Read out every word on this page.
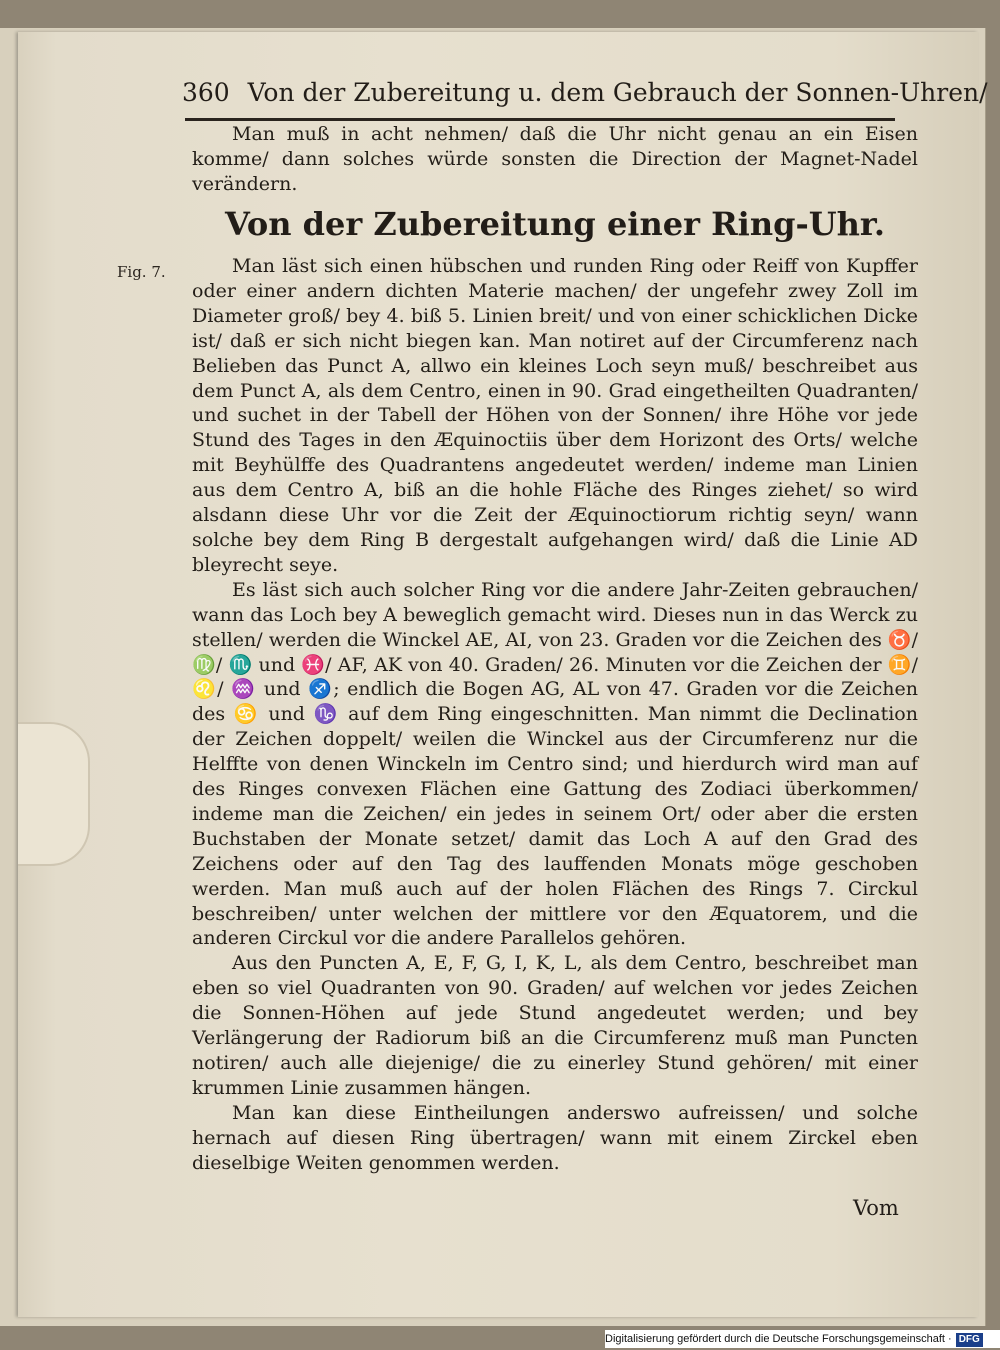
360 Von der Zubereitung u. dem Gebrauch der Sonnen-Uhren/

Man muß in acht nehmen/ daß die Uhr nicht genau an ein Eisen komme/ dann solches würde sonsten die Direction der Magnet-Nadel verändern.

Von der Zubereitung einer Ring-Uhr.
Fig. 7.	Man läst sich einen hübschen und runden Ring oder Reiff von Kupffer oder einer andern dichten Materie machen/ der ungefehr zwey Zoll im Diameter groß/ bey 4. biß 5. Linien breit/ und von einer schicklichen Dicke ist/ daß er sich nicht biegen kan. Man notiret auf der Circumferenz nach Belieben das Punct A, allwo ein kleines Loch seyn muß/ beschreibet aus dem Punct A, als dem Centro, einen in 90. Grad eingetheilten Quadranten/ und suchet in der Tabell der Höhen von der Sonnen/ ihre Höhe vor jede Stund des Tages in den Æquinoctiis über dem Horizont des Orts/ welche mit Beyhülffe des Quadrantens angedeutet werden/ indeme man Linien aus dem Centro A, biß an die hohle Fläche des Ringes ziehet/ so wird alsdann diese Uhr vor die Zeit der Æquinoctiorum richtig seyn/ wann solche bey dem Ring B dergestalt aufgehangen wird/ daß die Linie AD bleyrecht seye.

Es läst sich auch solcher Ring vor die andere Jahr-Zeiten gebrauchen/ wann das Loch bey A beweglich gemacht wird. Dieses nun in das Werck zu stellen/ werden die Winckel AE, AI, von 23. Graden vor die Zeichen des ♉/ ♍/ ♏ und ♓/ AF, AK von 40. Graden/ 26. Minuten vor die Zeichen der ♊/ ♌/ ♒ und ♐; endlich die Bogen AG, AL von 47. Graden vor die Zeichen des ♋ und ♑ auf dem Ring eingeschnitten. Man nimmt die Declination der Zeichen doppelt/ weilen die Winckel aus der Circumferenz nur die Helffte von denen Winckeln im Centro sind; und hierdurch wird man auf des Ringes convexen Flächen eine Gattung des Zodiaci überkommen/ indeme man die Zeichen/ ein jedes in seinem Ort/ oder aber die ersten Buchstaben der Monate setzet/ damit das Loch A auf den Grad des Zeichens oder auf den Tag des lauffenden Monats möge geschoben werden. Man muß auch auf der holen Flächen des Rings 7. Circkul beschreiben/ unter welchen der mittlere vor den Æquatorem, und die anderen Circkul vor die andere Parallelos gehören.

Aus den Puncten A, E, F, G, I, K, L, als dem Centro, beschreibet man eben so viel Quadranten von 90. Graden/ auf welchen vor jedes Zeichen die Sonnen-Höhen auf jede Stund angedeutet werden; und bey Verlängerung der Radiorum biß an die Circumferenz muß man Puncten notiren/ auch alle diejenige/ die zu einerley Stund gehören/ mit einer krummen Linie zusammen hängen.

Man kan diese Eintheilungen anderswo aufreissen/ und solche hernach auf diesen Ring übertragen/ wann mit einem Zirckel eben dieselbige Weiten genommen werden.

Vom
Digitalisierung gefördert durch die Deutsche Forschungsgemeinschaft · DFG
